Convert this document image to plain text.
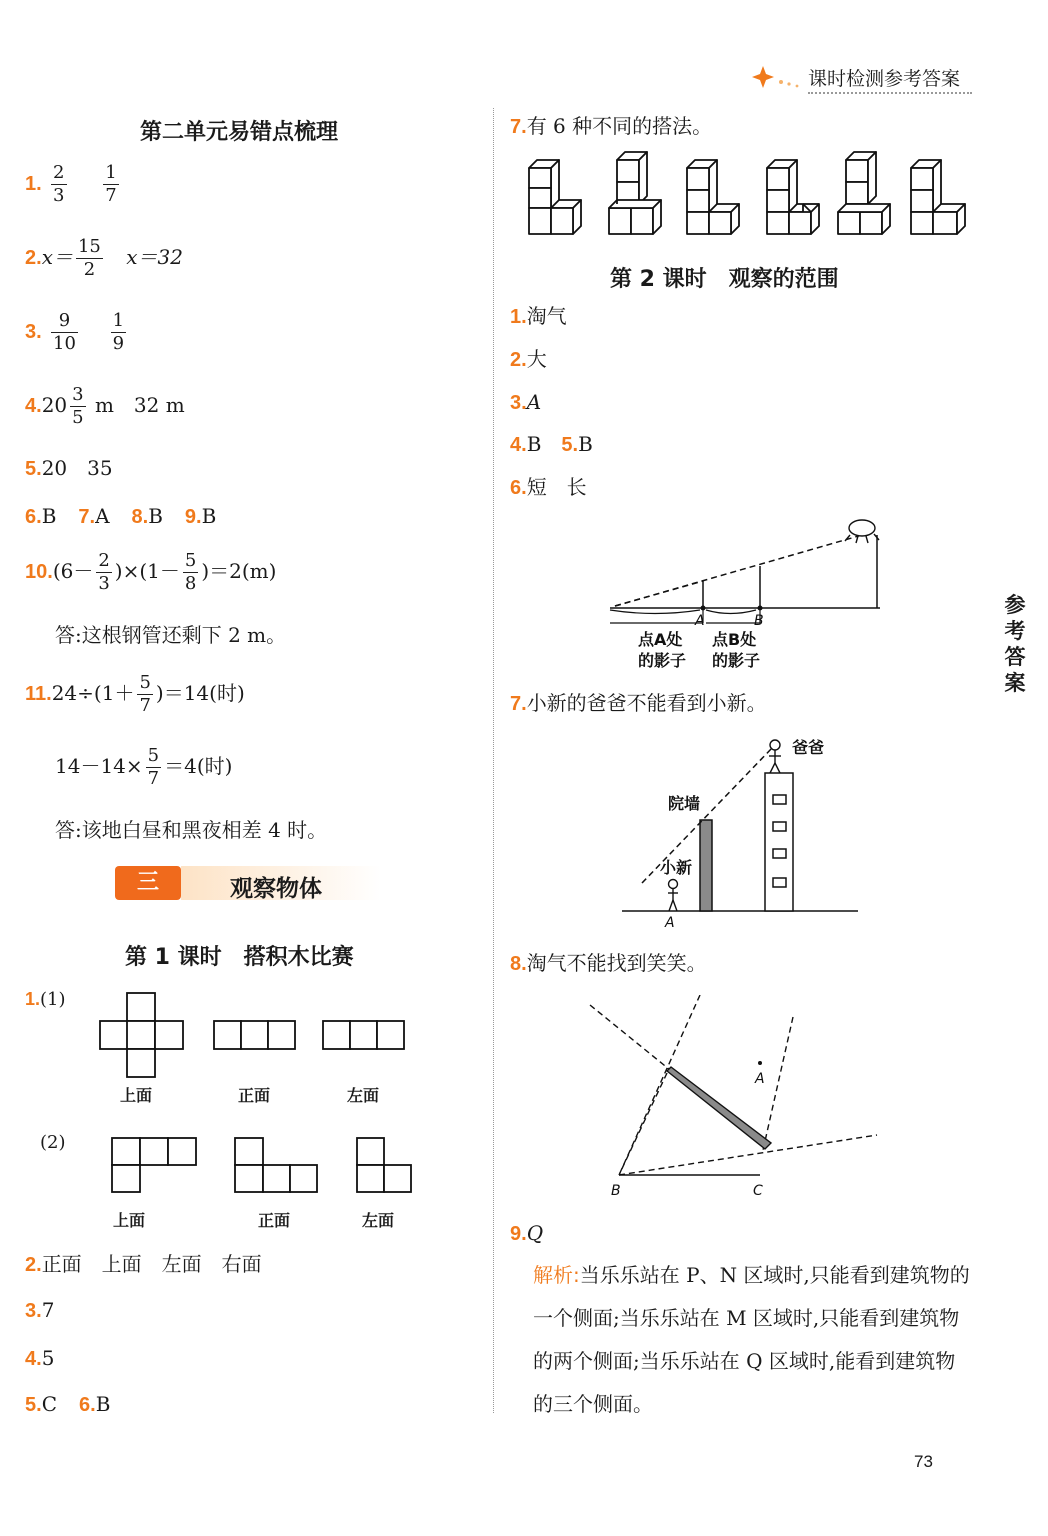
课时检测参考答案
参
考
答
案
第二单元易错点梳理
1. $\frac{2}{3}$
$\frac{1}{7}$
$2.x= \frac{15}{2} x=32$
3. $\frac{9}{10}$
$\frac{1}{9}$
$4.20 \frac{3}{5}$ m　32 m
5.20　35
6.B 7.A 8.B 9.B
$10.(6- \frac{2}{3} )\times(1- \frac{5}{8} )=2(m)$
答:这根钢管还剩下 2 m。
$11.24\div(1+ \frac{5}{7} )=14$(时)
$14-14\times \frac{5}{7} =4$(时)
答:该地白昼和黑夜相差 4 时。
三	观察物体
第 1 课时　搭积木比赛
1.(1)
(2)
上面	正面	左面
上面	正面	左面
2.正面　上面　左面　右面
3.7
4.5
5.C 6.B
7.有 6 种不同的搭法。
第 2 课时　观察的范围
1.淘气
2.大
3.A
4.B 5.B
6.短　长
A	B
点A处
的影子
点B处
的影子
7.小新的爸爸不能看到小新。
爸爸
院墙
小新
A
8.淘气不能找到笑笑。
A
B	C
9.Q
解析:当乐乐站在 P、N 区域时,只能看到建筑物的一个侧面;当乐乐站在 M 区域时,只能看到建筑物的两个侧面;当乐乐站在 Q 区域时,能看到建筑物的三个侧面。
73
